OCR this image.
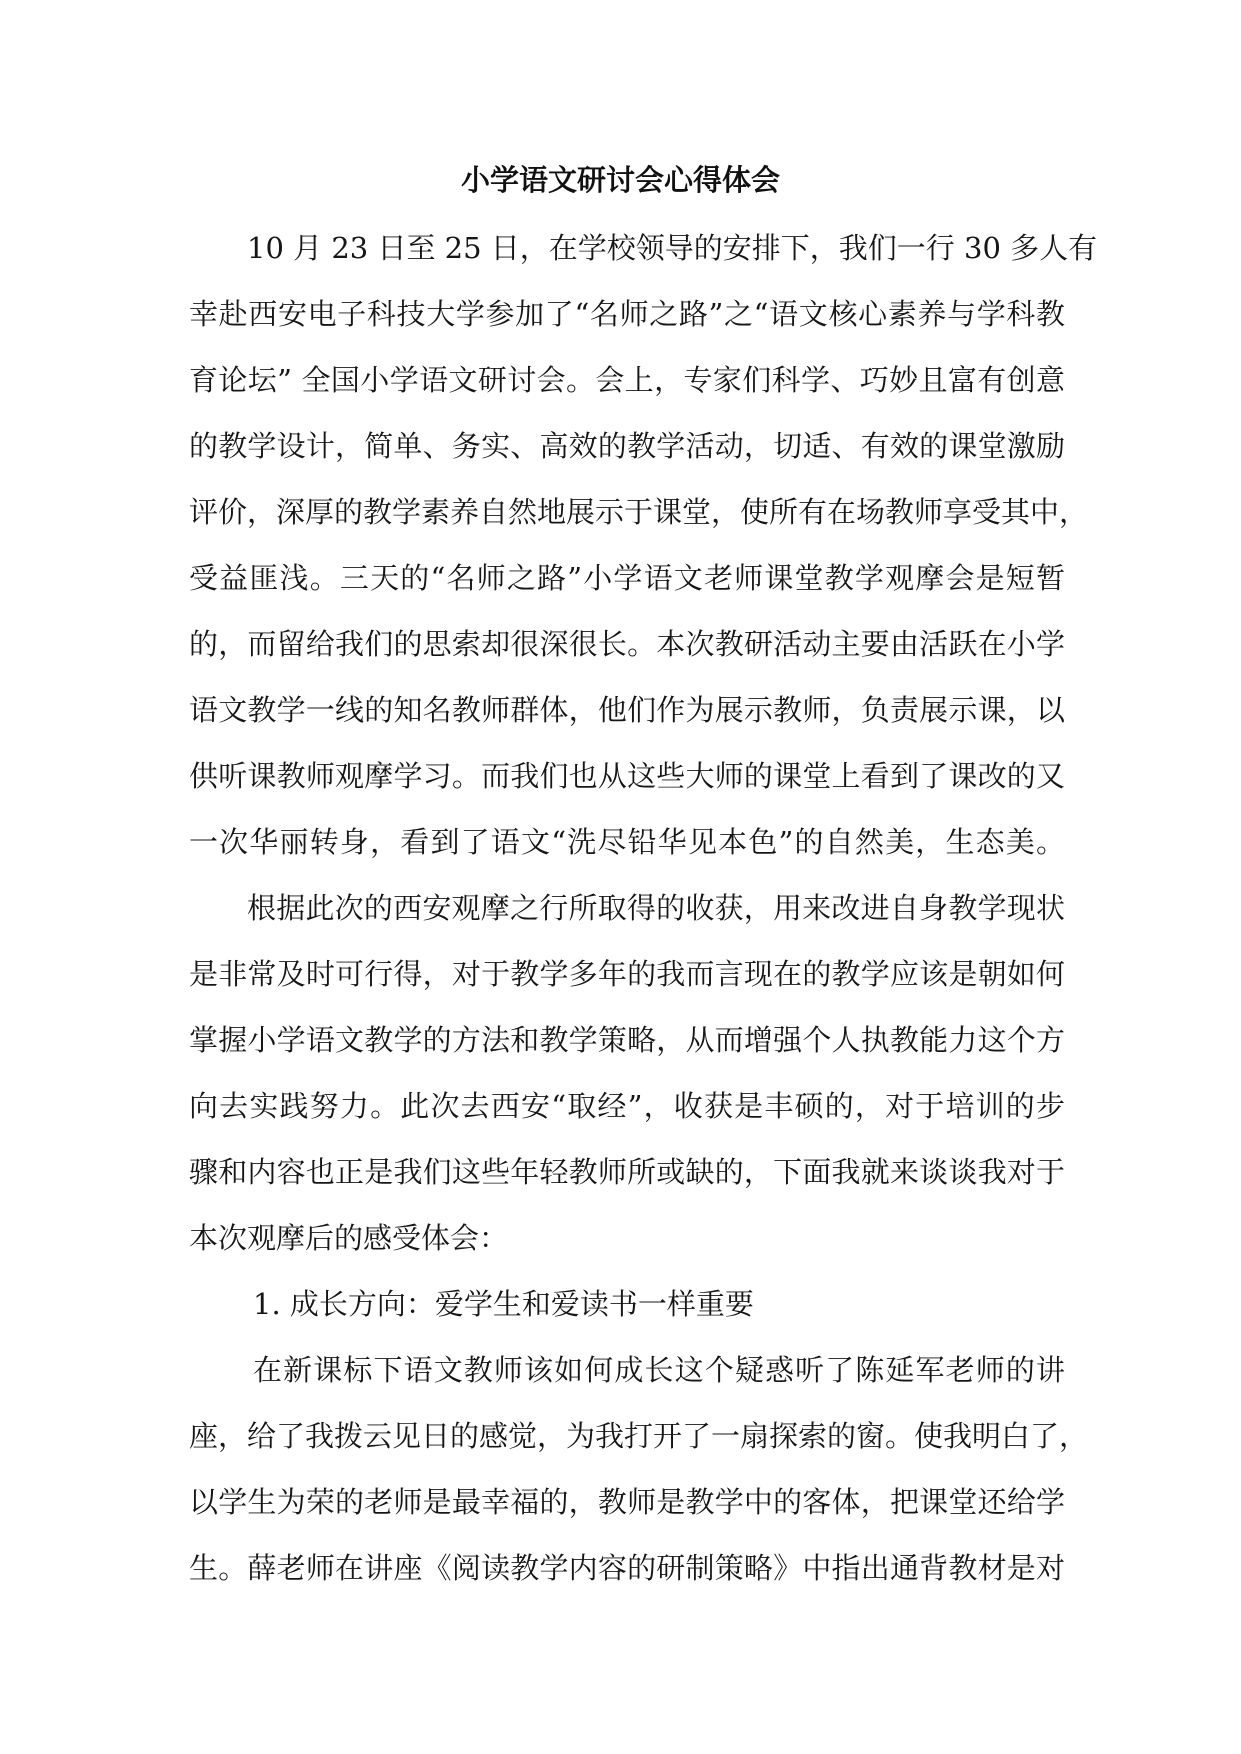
小学语文研讨会心得体会
10 月 23 日至 25 日，在学校领导的安排下，我们一行 30 多人有
幸赴西安电子科技大学参加了“名师之路”之“语文核心素养与学科教
育论坛” 全国小学语文研讨会。会上，专家们科学、巧妙且富有创意
的教学设计，简单、务实、高效的教学活动，切适、有效的课堂激励
评价，深厚的教学素养自然地展示于课堂，使所有在场教师享受其中，
受益匪浅。三天的“名师之路”小学语文老师课堂教学观摩会是短暂
的，而留给我们的思索却很深很长。本次教研活动主要由活跃在小学
语文教学一线的知名教师群体，他们作为展示教师，负责展示课，以
供听课教师观摩学习。而我们也从这些大师的课堂上看到了课改的又
一次华丽转身，看到了语文“洗尽铅华见本色”的自然美，生态美。
根据此次的西安观摩之行所取得的收获，用来改进自身教学现状
是非常及时可行得，对于教学多年的我而言现在的教学应该是朝如何
掌握小学语文教学的方法和教学策略，从而增强个人执教能力这个方
向去实践努力。此次去西安“取经”，收获是丰硕的，对于培训的步
骤和内容也正是我们这些年轻教师所或缺的，下面我就来谈谈我对于
本次观摩后的感受体会：
1. 成长方向：爱学生和爱读书一样重要
在新课标下语文教师该如何成长这个疑惑听了陈延军老师的讲
座，给了我拨云见日的感觉，为我打开了一扇探索的窗。使我明白了，
以学生为荣的老师是最幸福的，教师是教学中的客体，把课堂还给学
生。薛老师在讲座《阅读教学内容的研制策略》中指出通背教材是对
